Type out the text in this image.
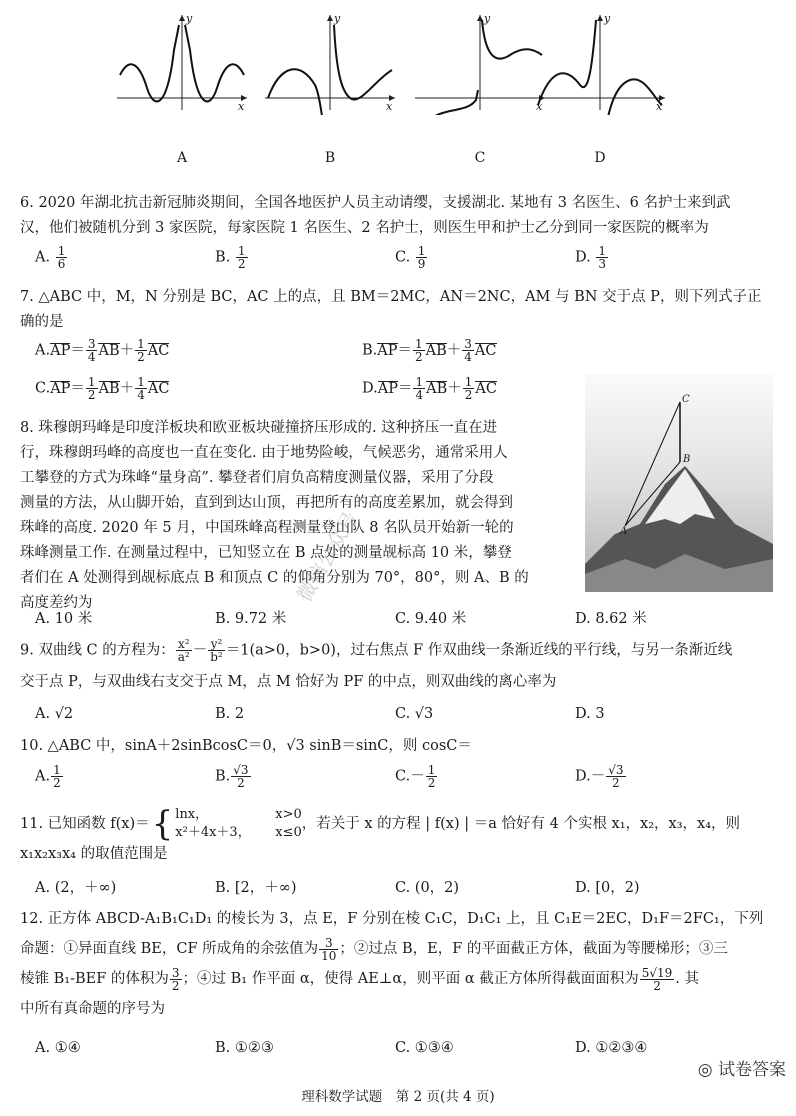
y
x
A
y
x
B
y
x
C
y
x
D
6. 2020 年湖北抗击新冠肺炎期间，全国各地医护人员主动请缨，支援湖北. 某地有 3 名医生、6 名护士来到武
汉，他们被随机分到 3 家医院，每家医院 1 名医生、2 名护士，则医生甲和护士乙分到同一家医院的概率为
A. $\frac{1}{6}$	B. $\frac{1}{2}$	C. $\frac{1}{9}$	D. $\frac{1}{3}$
7. △ABC 中，M，N 分别是 BC，AC 上的点，且 BM＝2MC，AN＝2NC，AM 与 BN 交于点 P，则下列式子正
确的是
$A.AP= \frac{3}{4} AB+ \frac{1}{2}$ AC	$B.AP= \frac{1}{2} AB+ \frac{3}{4}$ AC
$C.AP= \frac{1}{2} AB+ \frac{1}{4}$ AC	$D.AP= \frac{1}{4} AB+ \frac{1}{2}$ AC
8. 珠穆朗玛峰是印度洋板块和欧亚板块碰撞挤压形成的. 这种挤压一直在进
行，珠穆朗玛峰的高度也一直在变化. 由于地势险峻，气候恶劣，通常采用人
工攀登的方式为珠峰“量身高”. 攀登者们肩负高精度测量仪器，采用了分段
测量的方法，从山脚开始，直到到达山顶，再把所有的高度差累加，就会得到
珠峰的高度. 2020 年 5 月，中国珠峰高程测量登山队 8 名队员开始新一轮的
珠峰测量工作. 在测量过程中，已知竖立在 B 点处的测量觇标高 10 米，攀登
者们在 A 处测得到觇标底点 B 和顶点 C 的仰角分别为 70°，80°，则 A、B 的
高度差约为
C
B
A
A. 10 米	B. 9.72 米	C. 9.40 米	D. 8.62 米
9. 双曲线 C 的方程为： $\frac{\text{x²}}{\text{a²}} - \frac{\text{y²}}{\text{b²}} =1(a>0$，b>0)，过右焦点 F 作双曲线一条渐近线的平行线，与另一条渐近线
交于点 P，与双曲线右支交于点 M，点 M 恰好为 PF 的中点，则双曲线的离心率为
A. √2	B. 2	C. √3	D. 3
10. △ABC 中，sinA＋2sinBcosC＝0，√3 sinB＝sinC，则 cosC＝
A. $\frac{1}{2}$	B. $\frac{√3}{2}$	$C.- \frac{1}{2}$	$D.- \frac{√3}{2}$
11. 已知函数 f(x)＝ { lnx，	x>0
x²＋4x＋3， x≤0
，若关于 x 的方程 | f(x) | ＝a 恰好有 4 个实根 x₁，x₂，x₃，x₄，则
x₁x₂x₃x₄ 的取值范围是
A. (2，＋∞)	B. [2，＋∞)	C. (0，2)	D. [0，2)
12. 正方体 ABCD-A₁B₁C₁D₁ 的棱长为 3，点 E，F 分别在棱 C₁C，D₁C₁ 上，且 C₁E＝2EC，D₁F＝2FC₁，下列
命题：①异面直线 BE，CF 所成角的余弦值为 $\frac{3}{10}$ ；②过点 B，E，F 的平面截正方体，截面为等腰梯形；③三
棱锥 B₁-BEF 的体积为 $\frac{3}{2}$ ；④过 B₁ 作平面 α，使得 AE⊥α，则平面 α 截正方体所得截面面积为 $\frac{5√19}{2}$ . 其
中所有真命题的序号为
A. ①④	B. ①②③	C. ①③④	D. ①②③④
微信公众号
◎ 试卷答案
理科数学试题　第 2 页(共 4 页)
